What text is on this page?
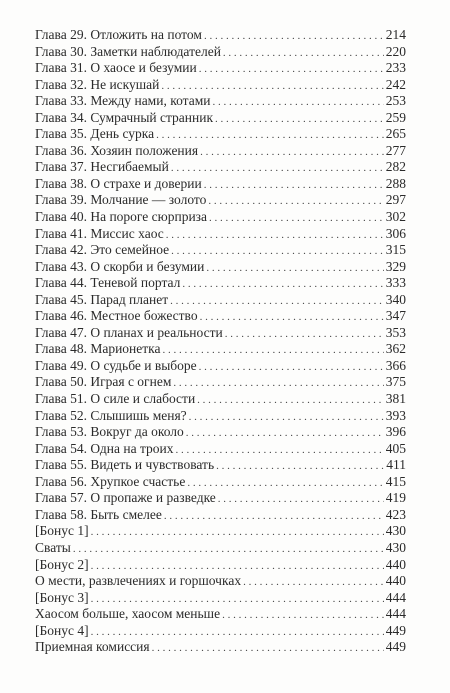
Глава 29. Отложить на потом . . .	214
Глава 30. Заметки наблюдателей . . .	220
Глава 31. О хаосе и безумии . . .	233
Глава 32. Не искушай . . .	242
Глава 33. Между нами, котами . . .	253
Глава 34. Сумрачный странник . . .	259
Глава 35. День сурка . . .	265
Глава 36. Хозяин положения . . .	277
Глава 37. Несгибаемый . . .	282
Глава 38. О страхе и доверии . . .	288
Глава 39. Молчание — золото . . .	297
Глава 40. На пороге сюрприза . . .	302
Глава 41. Миссис хаос . . .	306
Глава 42. Это семейное . . .	315
Глава 43. О скорби и безумии . . .	329
Глава 44. Теневой портал . . .	333
Глава 45. Парад планет . . .	340
Глава 46. Местное божество . . .	347
Глава 47. О планах и реальности . . .	353
Глава 48. Марионетка . . .	362
Глава 49. О судьбе и выборе . . .	366
Глава 50. Играя с огнем . . .	375
Глава 51. О силе и слабости . . .	381
Глава 52. Слышишь меня? . . .	393
Глава 53. Вокруг да около . . .	396
Глава 54. Одна на троих . . .	405
Глава 55. Видеть и чувствовать . . .	411
Глава 56. Хрупкое счастье . . .	415
Глава 57. О пропаже и разведке . . .	419
Глава 58. Быть смелее . . .	423
[Бонус 1] . . .	430
Сваты . . .	430
[Бонус 2] . . .	440
О мести, развлечениях и горшочках . . .	440
[Бонус 3] . . .	444
Хаосом больше, хаосом меньше . . .	444
[Бонус 4] . . .	449
Приемная комиссия . . .	449
